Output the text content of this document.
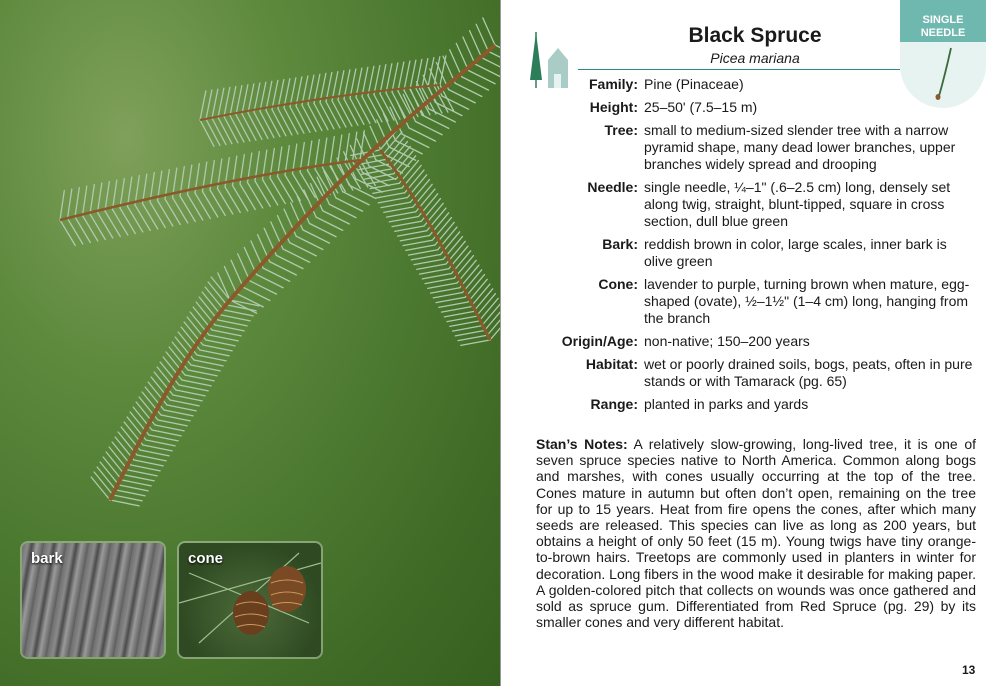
bark	cone
Black Spruce
Picea mariana
SINGLE
NEEDLE
Family: Pine (Pinaceae)
Height: 25–50' (7.5–15 m)
Tree: small to medium-sized slender tree with a narrow pyramid shape, many dead lower branches, upper branches widely spread and drooping
Needle: single needle, ¼–1" (.6–2.5 cm) long, densely set along twig, straight, blunt-tipped, square in cross section, dull blue green
Bark: reddish brown in color, large scales, inner bark is olive green
Cone: lavender to purple, turning brown when mature, egg-shaped (ovate), ½–1½" (1–4 cm) long, hanging from the branch
Origin/Age: non-native; 150–200 years
Habitat: wet or poorly drained soils, bogs, peats, often in pure stands or with Tamarack (pg. 65)
Range: planted in parks and yards
Stan’s Notes: A relatively slow-growing, long-lived tree, it is one of seven spruce species native to North America. Common along bogs and marshes, with cones usually occurring at the top of the tree. Cones mature in autumn but often don’t open, remaining on the tree for up to 15 years. Heat from fire opens the cones, after which many seeds are released. This species can live as long as 200 years, but obtains a height of only 50 feet (15 m). Young twigs have tiny orange-to-brown hairs. Treetops are commonly used in planters in winter for decoration. Long fibers in the wood make it desirable for making paper. A golden-colored pitch that collects on wounds was once gathered and sold as spruce gum. Differentiated from Red Spruce (pg. 29) by its smaller cones and very different habitat.
13
